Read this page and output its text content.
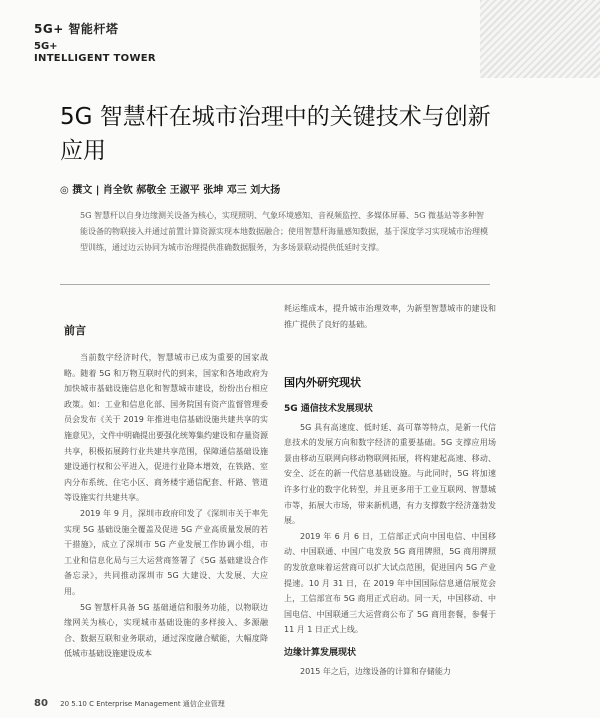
5G+ 智能杆塔
5G+
INTELLIGENT TOWER
5G 智慧杆在城市治理中的关键技术与创新应用
◎ 撰文 | 肖全钦 郝敬全 王淑平 张坤 邓三 刘大扬
5G 智慧杆以自身边缘测关设备为核心，实现照明、气象环境感知、音视频监控、多媒体屏幕、5G 微基站等多种智能设备的物联接入并通过前置计算资源实现本地数据融合；使用智慧杆海量感知数据，基于深度学习实现城市治理模型训练，通过边云协同为城市治理提供准确数据服务，为多场景联动提供低延时支撑。
前言

当前数字经济时代，智慧城市已成为重要的国家战略。随着 5G 和万物互联时代的到来，国家和各地政府为加快城市基础设施信息化和智慧城市建设，纷纷出台相应政策。如：工业和信息化部、国务院国有资产监督管理委员会发布《关于 2019 年推进电信基础设施共建共享的实施意见》，文件中明确提出要强化统筹集约建设和存量资源共享，积极拓展跨行业共建共享范围，保障通信基础设施建设通行权和公平进入，促进行业降本增效，在铁路、室内分布系统、住宅小区、商务楼宇通信配套、杆路、管道等设施实行共建共享。

2019 年 9 月，深圳市政府印发了《深圳市关于率先实现 5G 基础设施全覆盖及促进 5G 产业高质量发展的若干措施》，成立了深圳市 5G 产业发展工作协调小组，市工业和信息化局与三大运营商签署了《5G 基础建设合作备忘录》，共同推动深圳市 5G 大建设、大发展、大应用。

5G 智慧杆具备 5G 基础通信和服务功能，以物联边缘网关为核心，实现城市基础设施的多样接入、多源融合、数据互联和业务联动，通过深度融合赋能，大幅度降低城市基础设施建设成本

耗运维成本，提升城市治理效率，为新型智慧城市的建设和推广提供了良好的基础。

国内外研究现状
5G 通信技术发展现状

5G 具有高速度、低时延、高可靠等特点，是新一代信息技术的发展方向和数字经济的重要基础。5G 支撑应用场景由移动互联网向移动物联网拓展，将构建起高速、移动、安全、泛在的新一代信息基础设施。与此同时，5G 将加速许多行业的数字化转型，并且更多用于工业互联网、智慧城市等，拓展大市场，带来新机遇，有力支撑数字经济蓬勃发展。

2019 年 6 月 6 日，工信部正式向中国电信、中国移动、中国联通、中国广电发放 5G 商用牌照，5G 商用牌照的发放意味着运营商可以扩大试点范围，促进国内 5G 产业提速。10 月 31 日，在 2019 年中国国际信息通信展览会上，工信部宣布 5G 商用正式启动。同一天，中国移动、中国电信、中国联通三大运营商公布了 5G 商用套餐，参餐于 11 月 1 日正式上线。

边缘计算发展现状

2015 年之后，边缘设备的计算和存储能力

80 20 5.10 C Enterprise Management 通信企业管理
